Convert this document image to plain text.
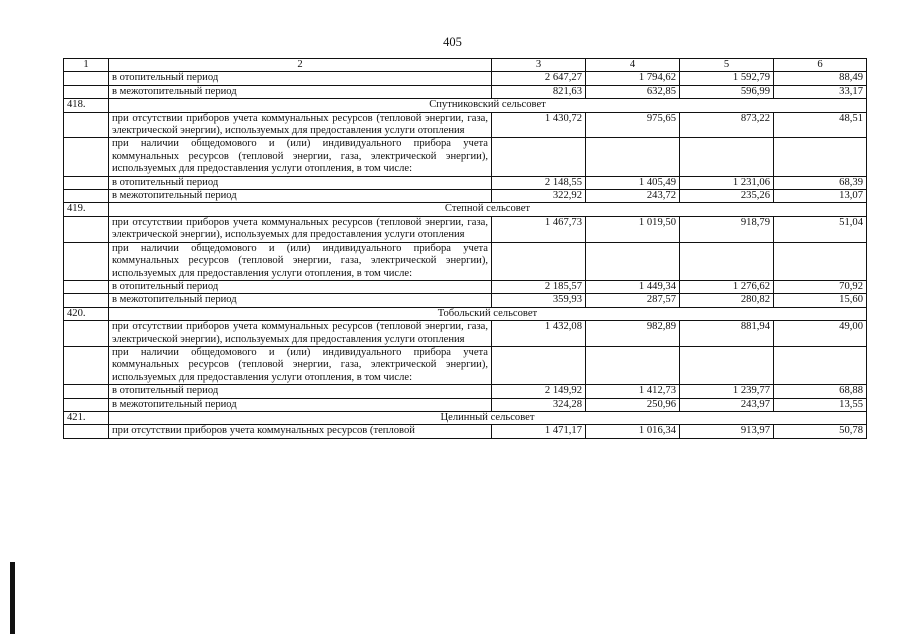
405
1	2	3	4	5	6
	в отопительный период	2 647,27	1 794,62	1 592,79	88,49
	в межотопительный период	821,63	632,85	596,99	33,17
418.	Спутниковский сельсовет				
	при отсутствии приборов учета коммунальных ресурсов (тепловой энергии, газа, электрической энергии), используемых для предоставления услуги отопления	1 430,72	975,65	873,22	48,51
	при наличии общедомового и (или) индивидуального прибора учета коммунальных ресурсов (тепловой энергии, газа, электрической энергии), используемых для предоставления услуги отопления, в том числе:				
	в отопительный период	2 148,55	1 405,49	1 231,06	68,39
	в межотопительный период	322,92	243,72	235,26	13,07
419.	Степной сельсовет				
	при отсутствии приборов учета коммунальных ресурсов (тепловой энергии, газа, электрической энергии), используемых для предоставления услуги отопления	1 467,73	1 019,50	918,79	51,04
	при наличии общедомового и (или) индивидуального прибора учета коммунальных ресурсов (тепловой энергии, газа, электрической энергии), используемых для предоставления услуги отопления, в том числе:				
	в отопительный период	2 185,57	1 449,34	1 276,62	70,92
	в межотопительный период	359,93	287,57	280,82	15,60
420.	Тобольский сельсовет				
	при отсутствии приборов учета коммунальных ресурсов (тепловой энергии, газа, электрической энергии), используемых для предоставления услуги отопления	1 432,08	982,89	881,94	49,00
	при наличии общедомового и (или) индивидуального прибора учета коммунальных ресурсов (тепловой энергии, газа, электрической энергии), используемых для предоставления услуги отопления, в том числе:				
	в отопительный период	2 149,92	1 412,73	1 239,77	68,88
	в межотопительный период	324,28	250,96	243,97	13,55
421.	Целинный сельсовет				
	при отсутствии приборов учета коммунальных ресурсов (тепловой	1 471,17	1 016,34	913,97	50,78
